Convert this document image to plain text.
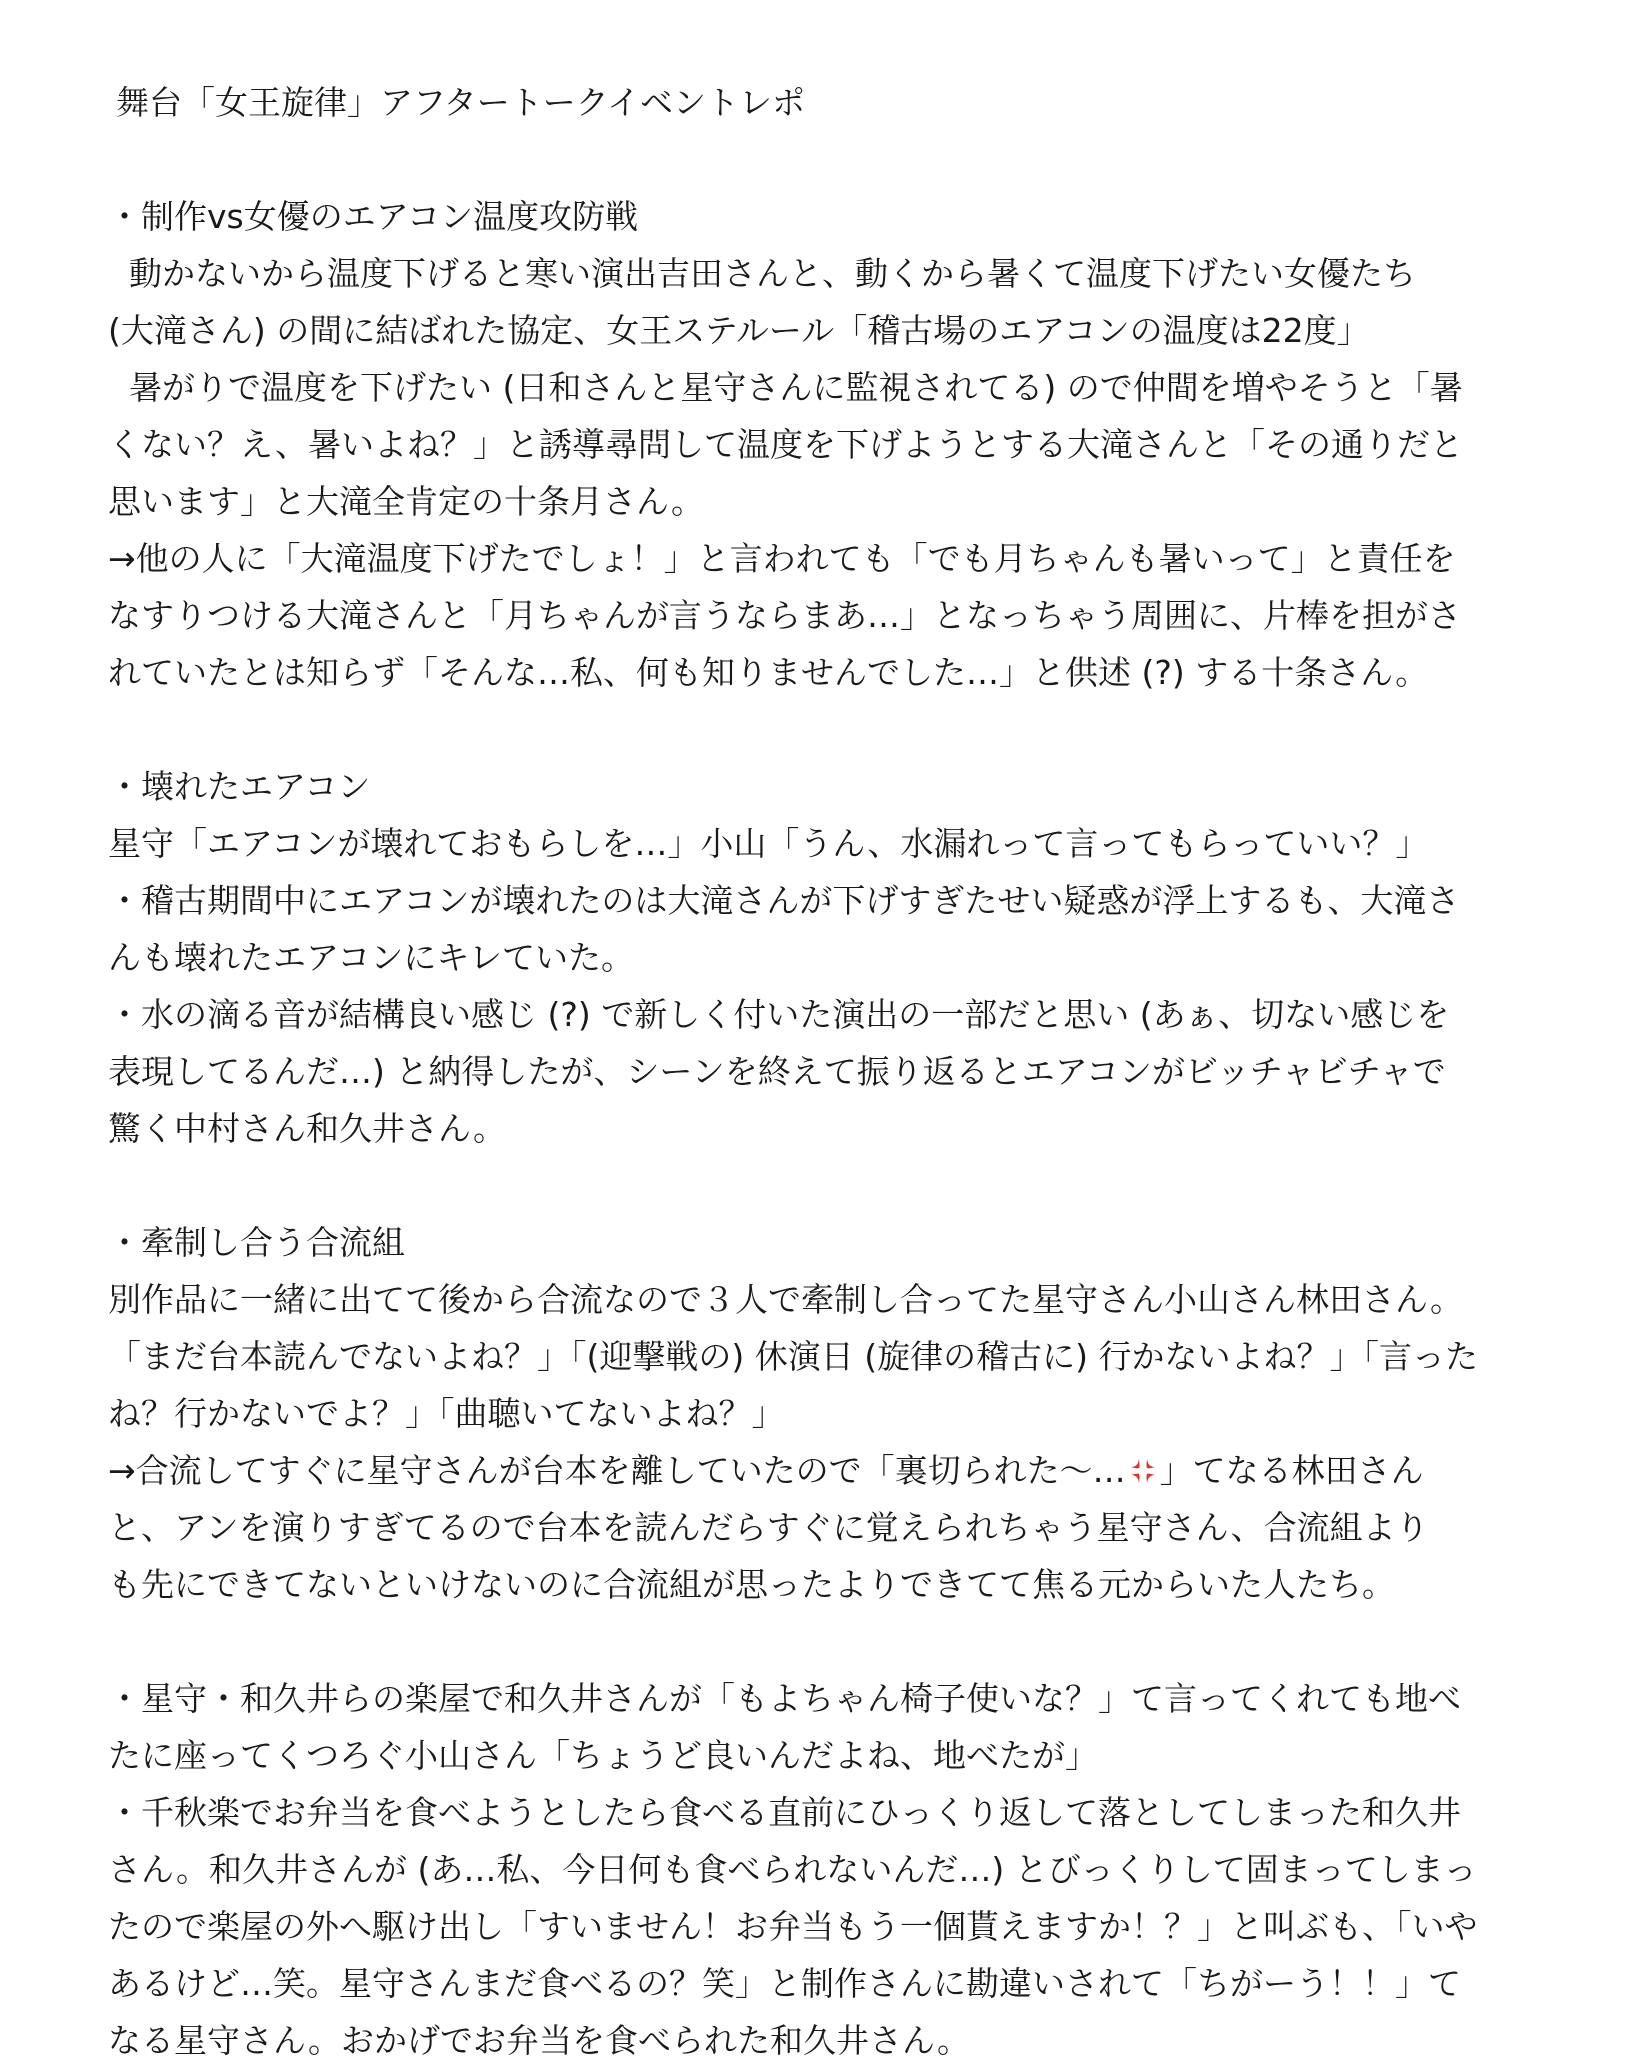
舞台「女王旋律」アフタートークイベントレポ
・制作vs女優のエアコン温度攻防戦
動かないから温度下げると寒い演出吉田さんと、動くから暑くて温度下げたい女優たち
(大滝さん) の間に結ばれた協定、女王ステルール「稽古場のエアコンの温度は22度」
暑がりで温度を下げたい (日和さんと星守さんに監視されてる) ので仲間を増やそうと「暑
くない？え、暑いよね？」と誘導尋問して温度を下げようとする大滝さんと「その通りだと
思います」と大滝全肯定の十条月さん。
→他の人に「大滝温度下げたでしょ！」と言われても「でも月ちゃんも暑いって」と責任を
なすりつける大滝さんと「月ちゃんが言うならまあ…」となっちゃう周囲に、片棒を担がさ
れていたとは知らず「そんな…私、何も知りませんでした…」と供述 (?) する十条さん。
・壊れたエアコン
星守「エアコンが壊れておもらしを…」小山「うん、水漏れって言ってもらっていい？」
・稽古期間中にエアコンが壊れたのは大滝さんが下げすぎたせい疑惑が浮上するも、大滝さ
んも壊れたエアコンにキレていた。
・水の滴る音が結構良い感じ (?) で新しく付いた演出の一部だと思い (あぁ、切ない感じを
表現してるんだ…) と納得したが、シーンを終えて振り返るとエアコンがビッチャビチャで
驚く中村さん和久井さん。
・牽制し合う合流組
別作品に一緒に出てて後から合流なので３人で牽制し合ってた星守さん小山さん林田さん。
「まだ台本読んでないよね？」「(迎撃戦の) 休演日 (旋律の稽古に) 行かないよね？」「言った
ね？行かないでよ？」「曲聴いてないよね？」
→合流してすぐに星守さんが台本を離していたので「裏切られた〜… 」てなる林田さん
と、アンを演りすぎてるので台本を読んだらすぐに覚えられちゃう星守さん、合流組より
も先にできてないといけないのに合流組が思ったよりできてて焦る元からいた人たち。
・星守・和久井らの楽屋で和久井さんが「もよちゃん椅子使いな？」て言ってくれても地べ
たに座ってくつろぐ小山さん「ちょうど良いんだよね、地べたが」
・千秋楽でお弁当を食べようとしたら食べる直前にひっくり返して落としてしまった和久井
さん。和久井さんが (あ…私、今日何も食べられないんだ…) とびっくりして固まってしまっ
たので楽屋の外へ駆け出し「すいません！お弁当もう一個貰えますか！？」と叫ぶも、「いや
あるけど…笑。星守さんまだ食べるの？笑」と制作さんに勘違いされて「ちがーう！！」て
なる星守さん。おかげでお弁当を食べられた和久井さん。
